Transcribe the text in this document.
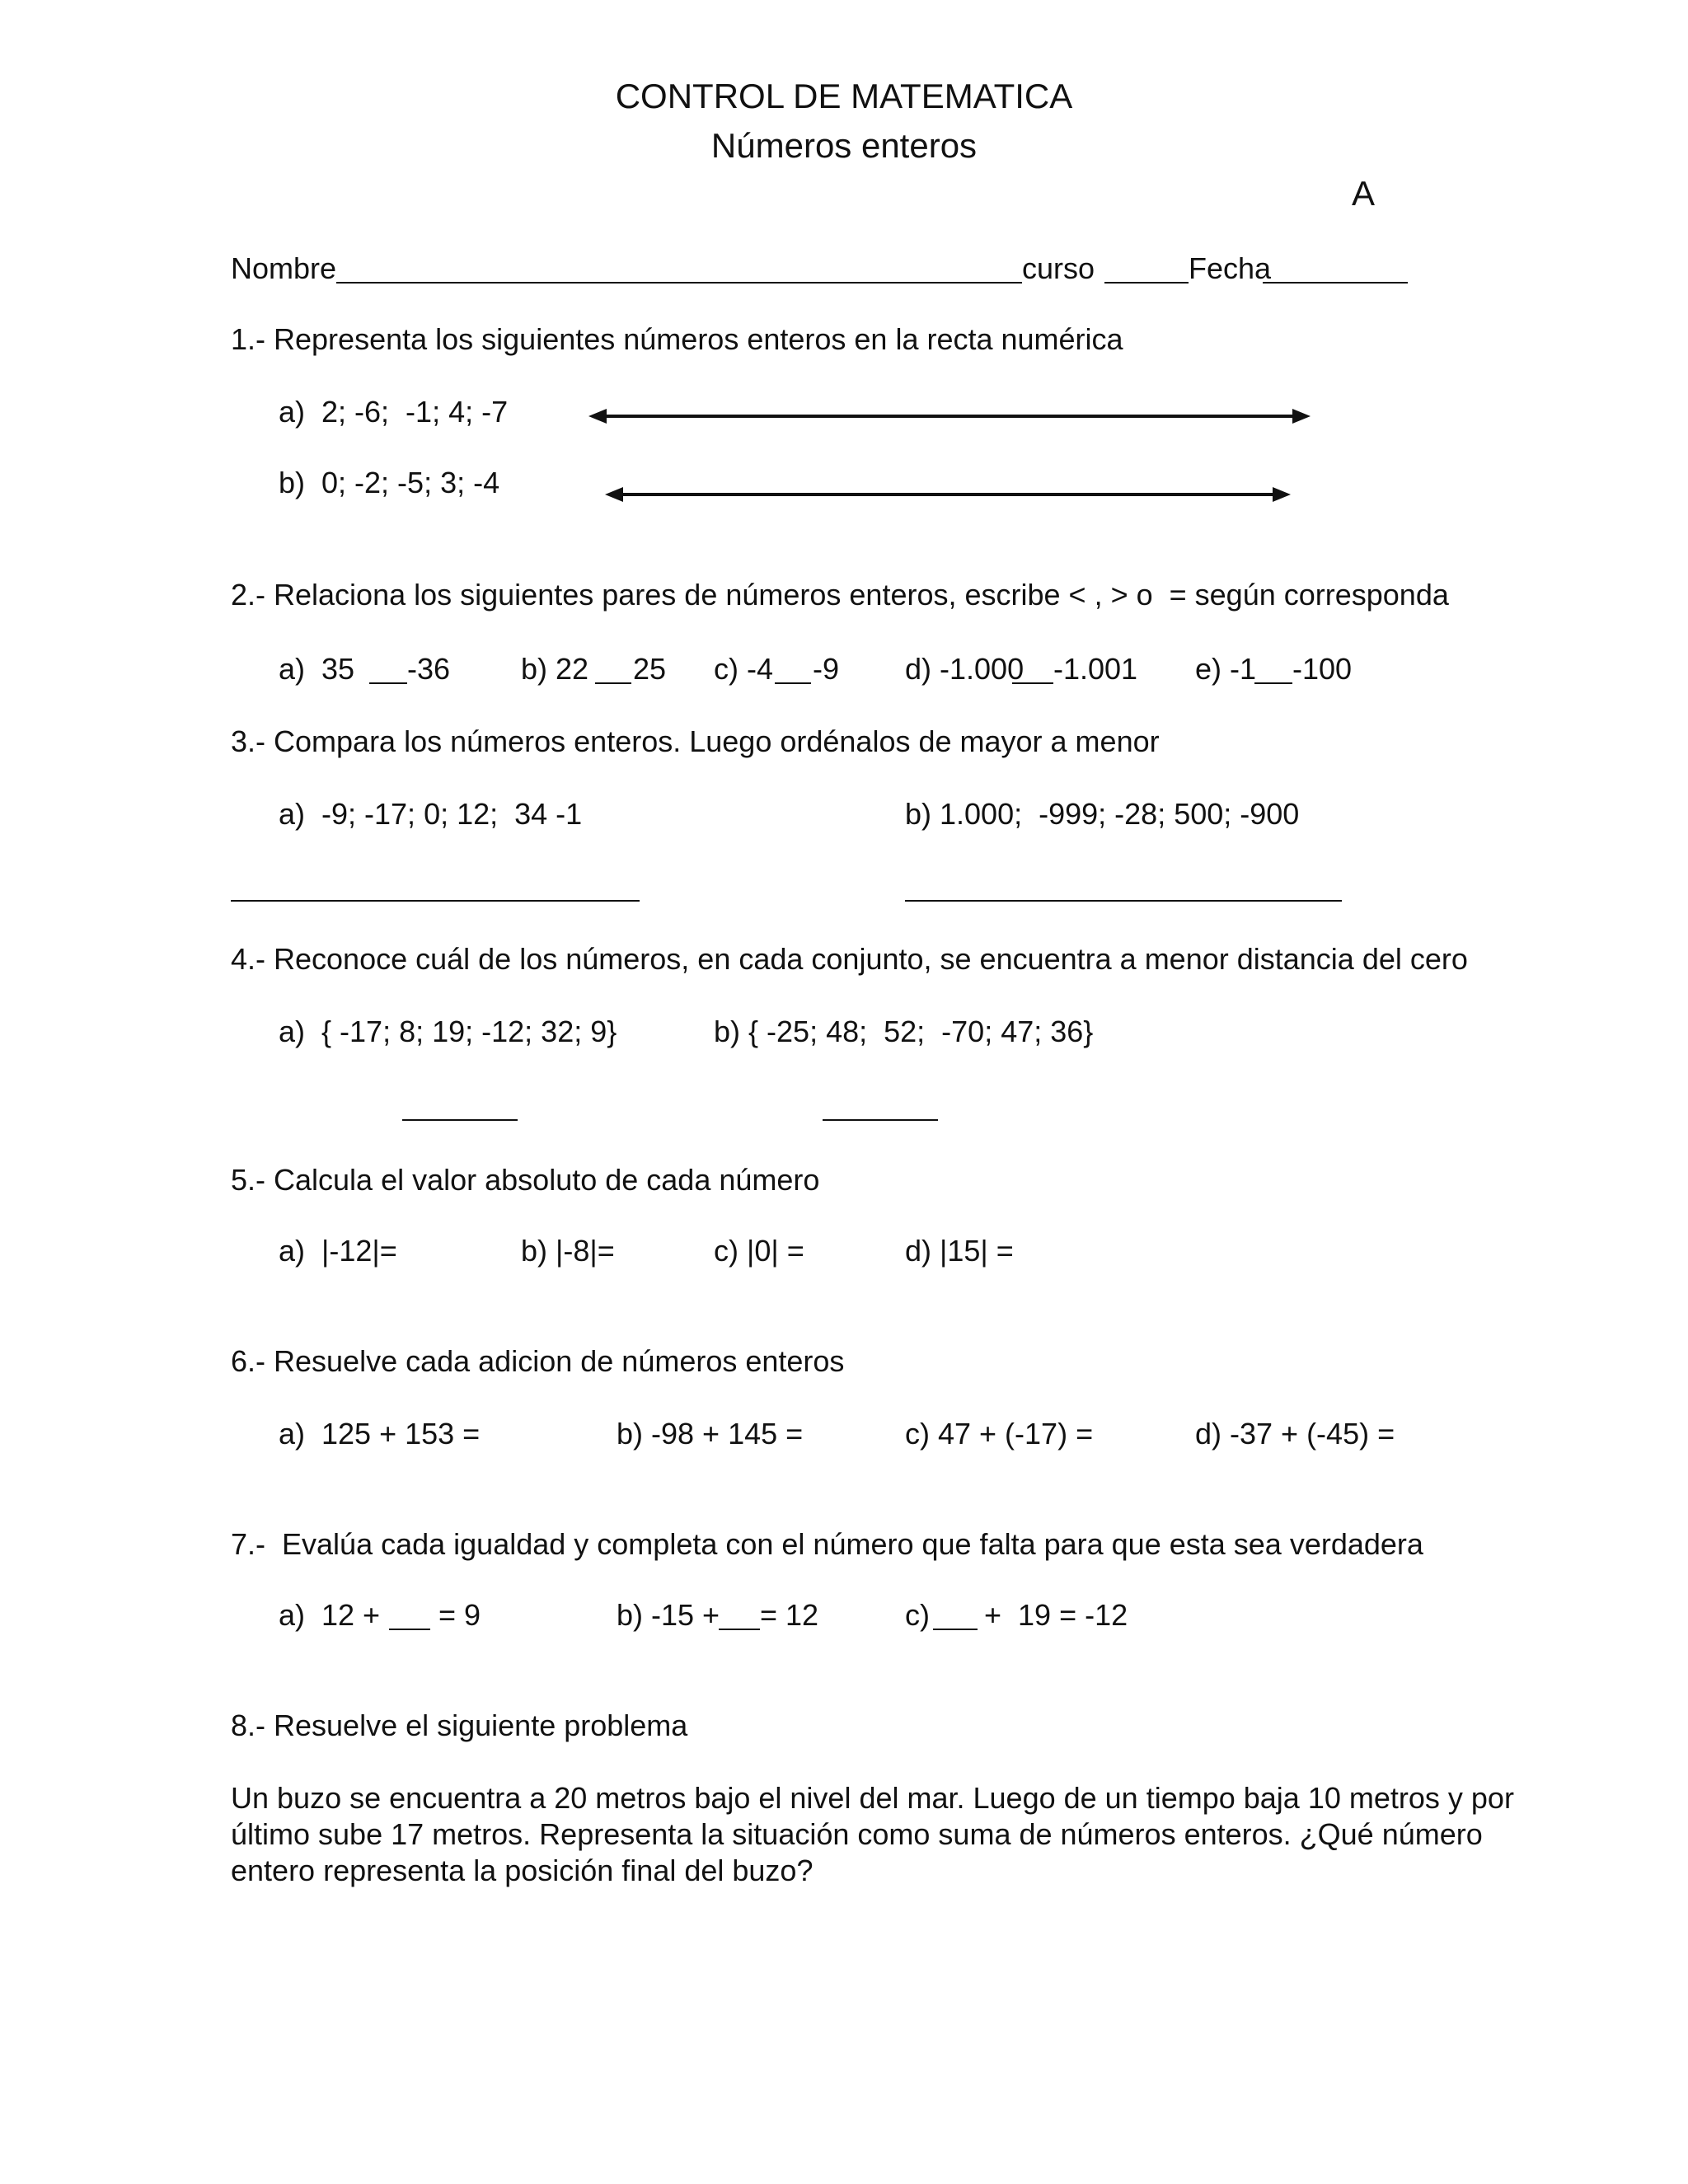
CONTROL DE MATEMATICA
Números enteros
A
Nombre	curso	Fecha
1.- Representa los siguientes números enteros en la recta numérica
a)  2; -6;  -1; 4; -7
b)  0; -2; -5; 3; -4
2.- Relaciona los siguientes pares de números enteros, escribe < , > o  = según corresponda
a)  35 -36 b) 22 25 c) -4 -9 d) -1.000 -1.001 e) -1 -100
3.- Compara los números enteros. Luego ordénalos de mayor a menor
a)  -9; -17; 0; 12;  34 -1	b) 1.000;  -999; -28; 500; -900
4.- Reconoce cuál de los números, en cada conjunto, se encuentra a menor distancia del cero
a)  { -17; 8; 19; -12; 32; 9}	b) { -25; 48;  52;  -70; 47; 36}
5.- Calcula el valor absoluto de cada número
a)  |-12|=	b) |-8|=	c) |0| =	d) |15| =
6.- Resuelve cada adicion de números enteros
a)  125 + 153 =	b) -98 + 145 =	c) 47 + (-17) =	d) -37 + (-45) =
7.-  Evalúa cada igualdad y completa con el número que falta para que esta sea verdadera
a)  12 + = 9	b) -15 + = 12	c) +  19 = -12
8.- Resuelve el siguiente problema
Un buzo se encuentra a 20 metros bajo el nivel del mar. Luego de un tiempo baja 10 metros y por
último sube 17 metros. Representa la situación como suma de números enteros. ¿Qué número
entero representa la posición final del buzo?
